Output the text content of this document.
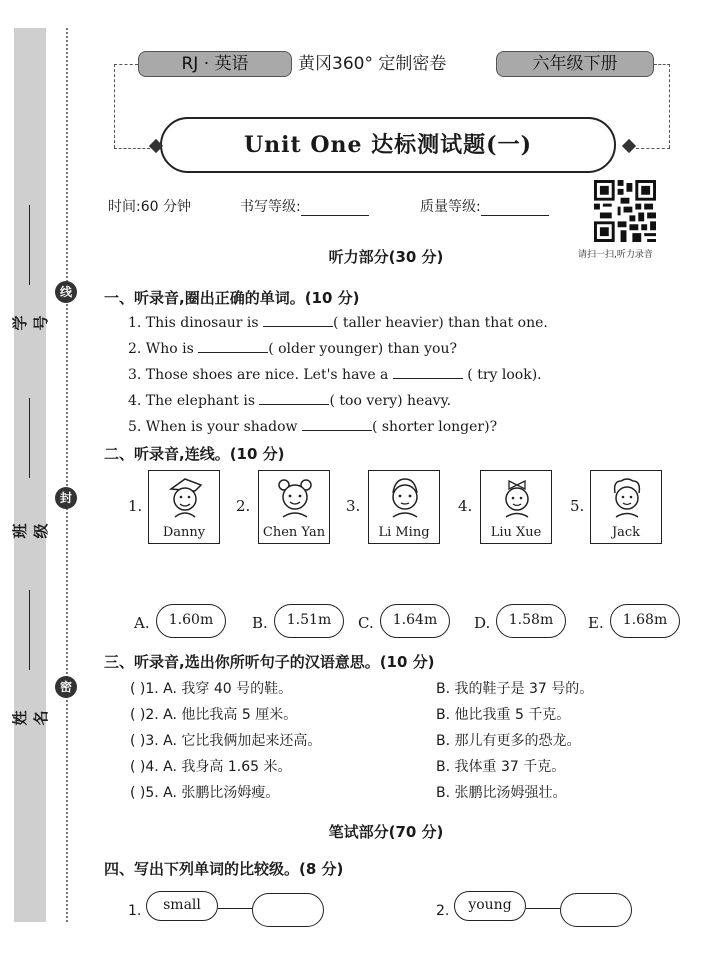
学号
班级
姓名
线
封
密
RJ · 英语	黄冈360° 定制密卷	六年级下册
Unit One 达标测试题(一)
时间:60 分钟	书写等级:	质量等级:
请扫一扫,听力录音
听力部分(30 分)
一、听录音,圈出正确的单词。(10 分)
1. This dinosaur is	( taller heavier) than that one.
2. Who is	( older younger) than you?
3. Those shoes are nice. Let's have a	( try look).
4. The elephant is	( too very) heavy.
5. When is your shadow	( shorter longer)?
二、听录音,连线。(10 分)
1.
Danny
2.
Chen Yan
3.
Li Ming
4.
Liu Xue
5.
Jack
A.	1.60m	B.	1.51m	C.	1.64m	D.	1.58m	E.	1.68m
三、听录音,选出你所听句子的汉语意思。(10 分)
( )1. A. 我穿 40 号的鞋。	B. 我的鞋子是 37 号的。
( )2. A. 他比我高 5 厘米。	B. 他比我重 5 千克。
( )3. A. 它比我俩加起来还高。	B. 那儿有更多的恐龙。
( )4. A. 我身高 1.65 米。	B. 我体重 37 千克。
( )5. A. 张鹏比汤姆瘦。	B. 张鹏比汤姆强壮。
笔试部分(70 分)
四、写出下列单词的比较级。(8 分)
1.	small	2.	young
